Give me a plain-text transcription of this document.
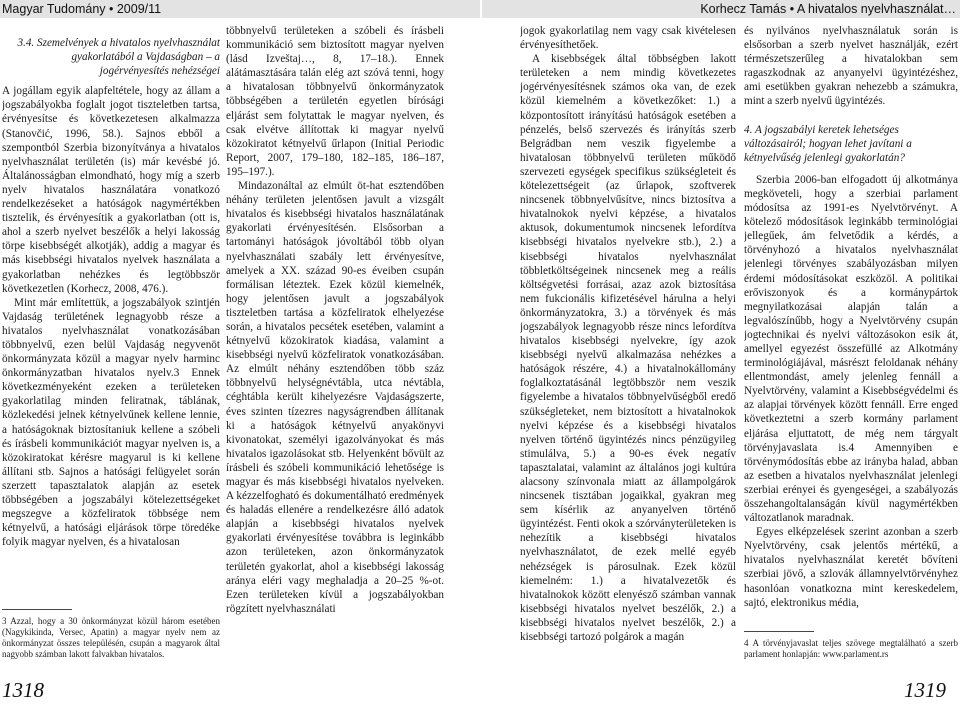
Magyar Tudomány • 2009/11	Korhecz Tamás • A hivatalos nyelvhasználat…
3.4. Szemelvények a hivatalos nyelvhasználat gyakorlatából a Vajdaságban – a jogérvényesítés nehézségei

A jogállam egyik alapfeltétele, hogy az állam a jogszabályokba foglalt jogot tiszteletben tartsa, érvényesítse és következetesen alkalmazza (Stanovčić, 1996, 58.). Sajnos ebből a szempontból Szerbia bizonyítványa a hivatalos nyelvhasználat területén (is) már kevésbé jó. Általánosságban elmondható, hogy míg a szerb nyelv hivatalos használatára vonatkozó rendelkezéseket a hatóságok nagymértékben tisztelik, és érvényesítik a gyakorlatban (ott is, ahol a szerb nyelvet beszélők a helyi lakosság törpe kisebbségét alkotják), addig a magyar és más kisebbségi hivatalos nyelvek használata a gyakorlatban nehézkes és legtöbbször következetlen (Korhecz, 2008, 476.).

Mint már említettük, a jogszabályok szintjén Vajdaság területének legnagyobb része a hivatalos nyelvhasználat vonatkozásában többnyelvű, ezen belül Vajdaság negyvenöt önkormányzata közül a magyar nyelv harminc önkormányzatban hivatalos nyelv.3 Ennek következményeként ezeken a területeken gyakorlatilag minden feliratnak, táblának, közlekedési jelnek kétnyelvűnek kellene lennie, a hatóságoknak biztosítaniuk kellene a szóbeli és írásbeli kommunikációt magyar nyelven is, a közokiratokat kérésre magyarul is ki kellene állítani stb. Sajnos a hatósági felügyelet során szerzett tapasztalatok alapján az esetek többségében a jogszabályi kötelezettségeket megszegve a közfeliratok többsége nem kétnyelvű, a hatósági eljárások törpe töredéke folyik magyar nyelven, és a hivatalosan

3 Azzal, hogy a 30 önkormányzat közül három esetében (Nagykikinda, Versec, Apatin) a magyar nyelv nem az önkormányzat összes településén, csupán a magyarok által nagyobb számban lakott falvakban hivatalos.

többnyelvű területeken a szóbeli és írásbeli kommunikáció sem biztosított magyar nyelven (lásd Izveštaj…, 8, 17–18.). Ennek alátámasztására talán elég azt szóvá tenni, hogy a hivatalosan többnyelvű önkormányzatok többségében a területén egyetlen bírósági eljárást sem folytattak le magyar nyelven, és csak elvétve állítottak ki magyar nyelvű közokiratot kétnyelvű űrlapon (Initial Periodic Report, 2007, 179–180, 182–185, 186–187, 195–197.).

Mindazonáltal az elmúlt öt-hat esztendőben néhány területen jelentősen javult a vizsgált hivatalos és kisebbségi hivatalos használatának gyakorlati érvényesítésén. Elsősorban a tartományi hatóságok jóvoltából több olyan nyelvhasználati szabály lett érvényesítve, amelyek a XX. század 90-es éveiben csupán formálisan léteztek. Ezek közül kiemelnék, hogy jelentősen javult a jogszabályok tiszteletben tartása a közfeliratok elhelyezése során, a hivatalos pecsétek esetében, valamint a kétnyelvű közokiratok kiadása, valamint a kisebbségi nyelvű közfeliratok vonatkozásában. Az elmúlt néhány esztendőben több száz többnyelvű helységnévtábla, utca névtábla, céghtábla került kihelyezésre Vajdaságszerte, éves szinten tízezres nagyságrendben állítanak ki a hatóságok kétnyelvű anyakönyvi kivonatokat, személyi igazolványokat és más hivatalos igazolásokat stb. Helyenként bővült az írásbeli és szóbeli kommunikáció lehetősége is magyar és más kisebbségi hivatalos nyelveken. A kézzelfogható és dokumentálható eredmények és haladás ellenére a rendelkezésre álló adatok alapján a kisebbségi hivatalos nyelvek gyakorlati érvényesítése továbbra is leginkább azon területeken, azon önkormányzatok területén gyakorlat, ahol a kisebbségi lakosság aránya eléri vagy meghaladja a 20–25 %-ot. Ezen területeken kívül a jogszabályokban rögzített nyelvhasználati

jogok gyakorlatilag nem vagy csak kivételesen érvényesíthetőek.

A kisebbségek által többségben lakott területeken a nem mindig következetes jogérvényesítésnek számos oka van, de ezek közül kiemelném a következőket: 1.) a központosított irányítású hatóságok esetében a pénzelés, belső szervezés és irányítás szerb Belgrádban nem veszik figyelembe a hivatalosan többnyelvű területen működő szervezeti egységek specifikus szükségleteit és kötelezettségeit (az űrlapok, szoftverek nincsenek többnyelvűsítve, nincs biztosítva a hivatalnokok nyelvi képzése, a hivatalos aktusok, dokumentumok nincsenek lefordítva kisebbségi hivatalos nyelvekre stb.), 2.) a kisebbségi hivatalos nyelvhasználat többletköltségeinek nincsenek meg a reális költségvetési forrásai, azaz azok biztosítása nem fukcionális kifizetésével hárulna a helyi önkormányzatokra, 3.) a törvények és más jogszabályok legnagyobb része nincs lefordítva hivatalos kisebbségi nyelvekre, így azok kisebbségi nyelvű alkalmazása nehézkes a hatóságok részére, 4.) a hivatalnokállomány foglalkoztatásánál legtöbbször nem veszik figyelembe a hivatalos többnyelvűségből eredő szükségleteket, nem biztosított a hivatalnokok nyelvi képzése és a kisebbségi hivatalos nyelven történő ügyintézés nincs pénzügyileg stimulálva, 5.) a 90-es évek negatív tapasztalatai, valamint az általános jogi kultúra alacsony színvonala miatt az állampolgárok nincsenek tisztában jogaikkal, gyakran meg sem kísérlik az anyanyelven történő ügyintézést. Fenti okok a szórványterületeken is nehezítik a kisebbségi hivatalos nyelvhasználatot, de ezek mellé egyéb nehézségek is párosulnak. Ezek közül kiemelném: 1.) a hivatalvezetők és hivatalnokok között elenyésző számban vannak kisebbségi hivatalos nyelvet beszélők, 2.) a kisebbségi hivatalos nyelvet beszélők, 2.) a kisebbségi tartozó polgárok a magán

és nyilvános nyelvhasználatuk során is elsősorban a szerb nyelvet használják, ezért térmészetszerűleg a hivatalokban sem ragaszkodnak az anyanyelvi ügyintézéshez, ami esetükben gyakran nehezebb a számukra, mint a szerb nyelvű ügyintézés.

4. A jogszabályi keretek lehetséges változásairól; hogyan lehet javítani a kétnyelvűség jelenlegi gyakorlatán?

Szerbia 2006-ban elfogadott új alkotmánya megköveteli, hogy a szerbiai parlament módosítsa az 1991-es Nyelvtörvényt. A kötelező módosítások leginkább terminológiai jellegűek, ám felvetődik a kérdés, a törvényhozó a hivatalos nyelvhasználat jelenlegi törvényes szabályozásban milyen érdemi módosításokat eszközöl. A politikai erőviszonyok és a kormánypártok megnyilatkozásai alapján talán a legvalószínűbb, hogy a Nyelvtörvény csupán jogtechnikai és nyelvi változásokon esik át, amellyel egyezést összefüllé az Alkotmány terminológiájával, másrészt feloldanak néhány ellentmondást, amely jelenleg fennáll a Nyelvtörvény, valamint a Kisebbségvédelmi és az alapjai törvények között fennáll. Erre enged következtetni a szerb kormány parlament eljárása eljuttatott, de még nem tárgyalt törvényjavaslata is.4 Amennyiben e törvénymódosítás ebbe az irányba halad, abban az esetben a hivatalos nyelvhasználat jelenlegi szerbiai erényei és gyengeségei, a szabályozás összehangoltalanságán kívül nagymértékben változatlanok maradnak.

Egyes elképzelések szerint azonban a szerb Nyelvtörvény, csak jelentős mértékű, a hivatalos nyelvhasználat keretét bővíteni szerbiai jövő, a szlovák államnyelvtörvényhez hasonlóan vonatkozna mint kereskedelem, sajtó, elektronikus média,

4 A törvényjavaslat teljes szövege megtalálható a szerb parlament honlapján: www.parlament.rs

1318	1319
